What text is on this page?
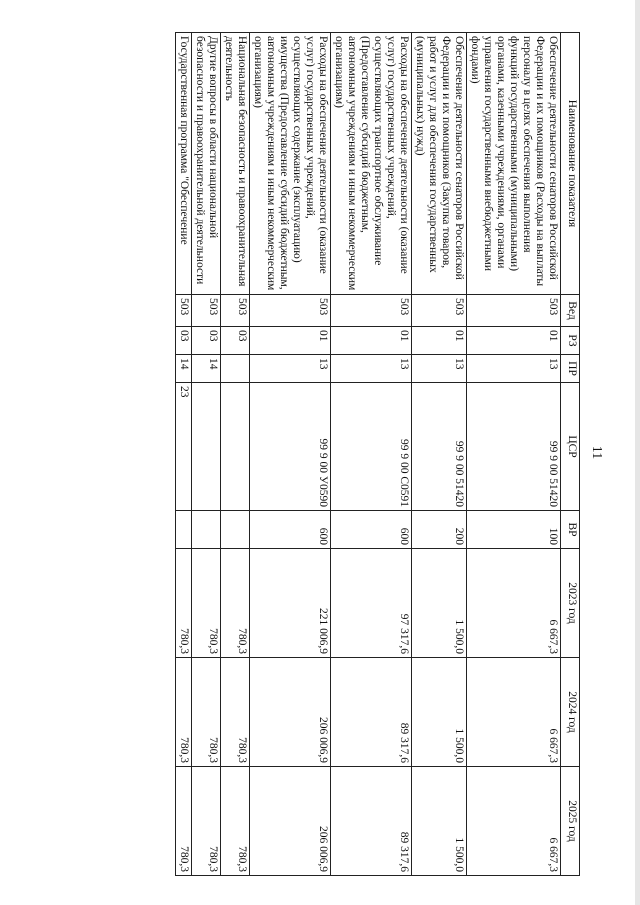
11
Наименование показателя	Вед	РЗ	ПР	ЦСР	ВР	2023 год	2024 год	2025 год
Обеспечение деятельности сенаторов Российской Федерации и их помощников (Расходы на выплаты персоналу в целях обеспечения выполнения функций государственными (муниципальными) органами, казенными учреждениями, органами управления государственными внебюджетными фондами)	503	01	13	99 9 00 51420	100	6 667,3	6 667,3	6 667,3
Обеспечение деятельности сенаторов Российской Федерации и их помощников (Закупка товаров, работ и услуг для обеспечения государственных (муниципальных) нужд)	503	01	13	99 9 00 51420	200	1 500,0	1 500,0	1 500,0
Расходы на обеспечение деятельности (оказание услуг) государственных учреждений, осуществляющих транспортное обслуживание (Предоставление субсидий бюджетным, автономным учреждениям и иным некоммерческим организациям)	503	01	13	99 9 00 С0591	600	97 317,6	89 317,6	89 317,6
Расходы на обеспечение деятельности (оказание услуг) государственных учреждений, осуществляющих содержание (эксплуатацию) имущества (Предоставление субсидий бюджетным, автономным учреждениям и иным некоммерческим организациям)	503	01	13	99 9 00 У0590	600	221 006,9	206 006,9	206 006,9
Национальная безопасность и правоохранительная деятельность	503	03				780,3	780,3	780,3
Другие вопросы в области национальной безопасности и правоохранительной деятельности	503	03	14			780,3	780,3	780,3
Государственная программа "Обеспечение	503	03	14	23		780,3	780,3	780,3
